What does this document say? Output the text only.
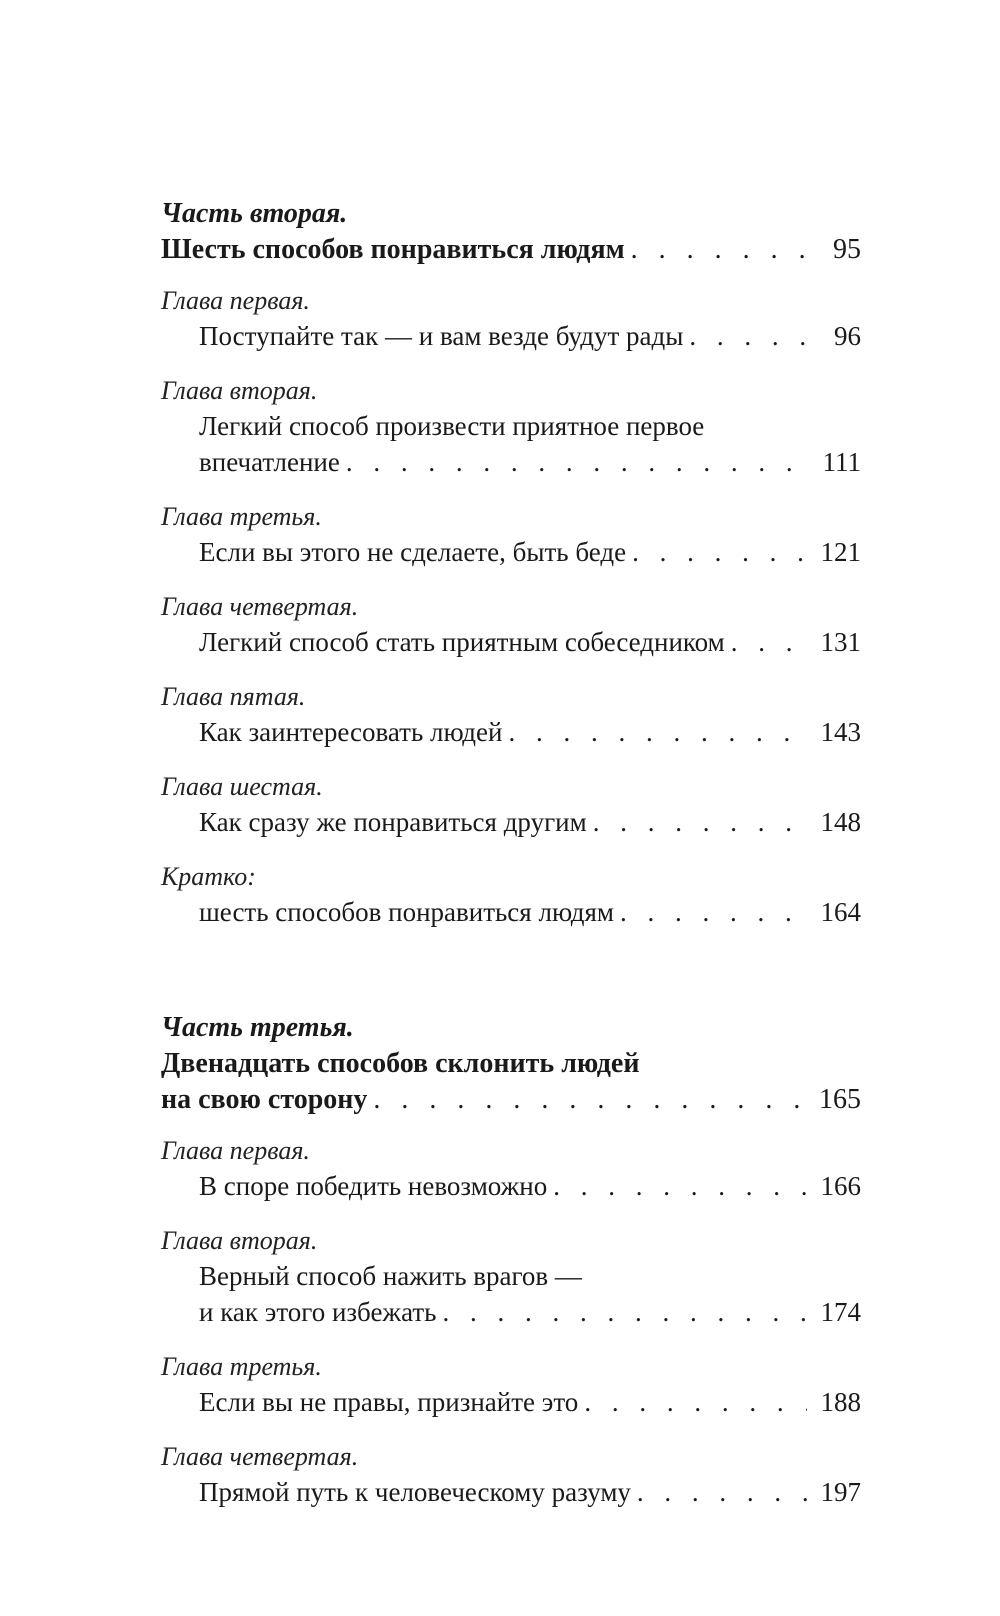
Часть вторая.
Шесть способов понравиться людям . . .	95
Глава первая.
Поступайте так — и вам везде будут рады . . .	96
Глава вторая.
Легкий способ произвести приятное первое
впечатление . . .	111
Глава третья.
Если вы этого не сделаете, быть беде . . .	121
Глава четвертая.
Легкий способ стать приятным собеседником . . .	131
Глава пятая.
Как заинтересовать людей . . .	143
Глава шестая.
Как сразу же понравиться другим . . .	148
Кратко:
шесть способов понравиться людям . . .	164
Часть третья.
Двенадцать способов склонить людей
на свою сторону . . .	165
Глава первая.
В споре победить невозможно . . .	166
Глава вторая.
Верный способ нажить врагов —
и как этого избежать . . .	174
Глава третья.
Если вы не правы, признайте это . . .	188
Глава четвертая.
Прямой путь к человеческому разуму . . .	197
